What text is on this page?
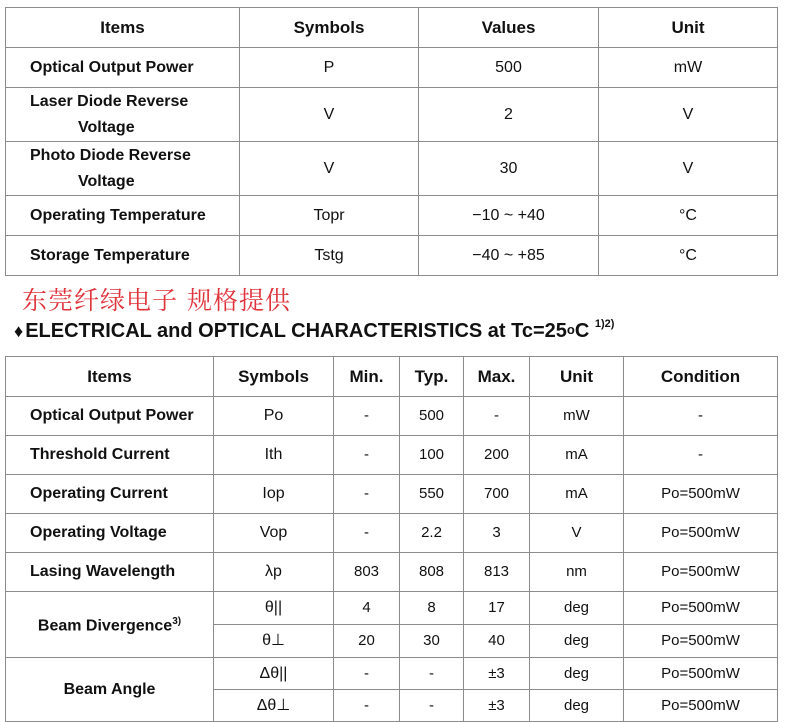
Items	Symbols	Values	Unit
Optical Output Power	P	500	mW

Laser Diode Reverse
Voltage	V	2	V

Photo Diode Reverse
Voltage	V	30	V
Operating Temperature	Topr	−10 ~ +40	°C
Storage Temperature	Tstg	−40 ~ +85	°C
东莞纤绿电子 规格提供
♦ ELECTRICAL and OPTICAL CHARACTERISTICS at $Tc=25^oC$ $^{1)2)}$
Items	Symbols	Min.	Typ.	Max.	Unit	Condition
Optical Output Power	Po	-	500	-	mW	-
Threshold Current	Ith	-	100	200	mA	-
Operating Current	Iop	-	550	700	mA	Po=500mW
Operating Voltage	Vop	-	2.2	3	V	Po=500mW
Lasing Wavelength	λp	803	808	813	nm	Po=500mW
Beam Divergence$^{3)}$	θ||	4	8	17	deg	Po=500mW
	θ⊥	20	30	40	deg	Po=500mW
Beam Angle	Δθ||	-	-	±3	deg	Po=500mW
	Δθ⊥	-	-	±3	deg	Po=500mW
